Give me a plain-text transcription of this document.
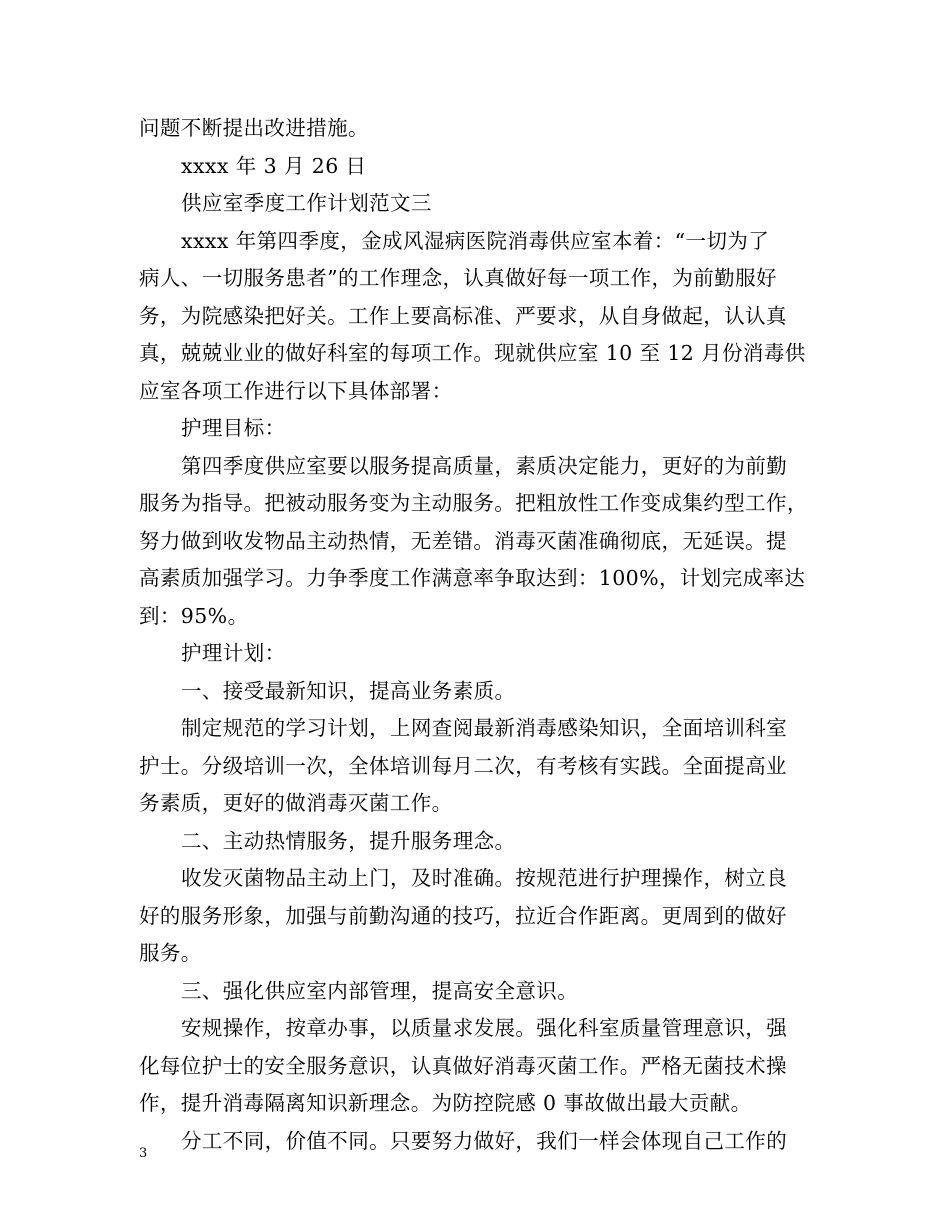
问题不断提出改进措施。

xxxx 年 3 月 26 日

供应室季度工作计划范文三

xxxx 年第四季度，金成风湿病医院消毒供应室本着：“一切为了

病人、一切服务患者”的工作理念，认真做好每一项工作，为前勤服好

务，为院感染把好关。工作上要高标准、严要求，从自身做起，认认真

真，兢兢业业的做好科室的每项工作。现就供应室 10 至 12 月份消毒供

应室各项工作进行以下具体部署：

护理目标：

第四季度供应室要以服务提高质量，素质决定能力，更好的为前勤

服务为指导。把被动服务变为主动服务。把粗放性工作变成集约型工作，

努力做到收发物品主动热情，无差错。消毒灭菌准确彻底，无延误。提

高素质加强学习。力争季度工作满意率争取达到：100%，计划完成率达

到：95%。

护理计划：

一、接受最新知识，提高业务素质。

制定规范的学习计划，上网查阅最新消毒感染知识，全面培训科室

护士。分级培训一次，全体培训每月二次，有考核有实践。全面提高业

务素质，更好的做消毒灭菌工作。

二、主动热情服务，提升服务理念。

收发灭菌物品主动上门，及时准确。按规范进行护理操作，树立良

好的服务形象，加强与前勤沟通的技巧，拉近合作距离。更周到的做好

服务。

三、强化供应室内部管理，提高安全意识。

安规操作，按章办事，以质量求发展。强化科室质量管理意识，强

化每位护士的安全服务意识，认真做好消毒灭菌工作。严格无菌技术操

作，提升消毒隔离知识新理念。为防控院感 0 事故做出最大贡献。

分工不同，价值不同。只要努力做好，我们一样会体现自己工作的

3
